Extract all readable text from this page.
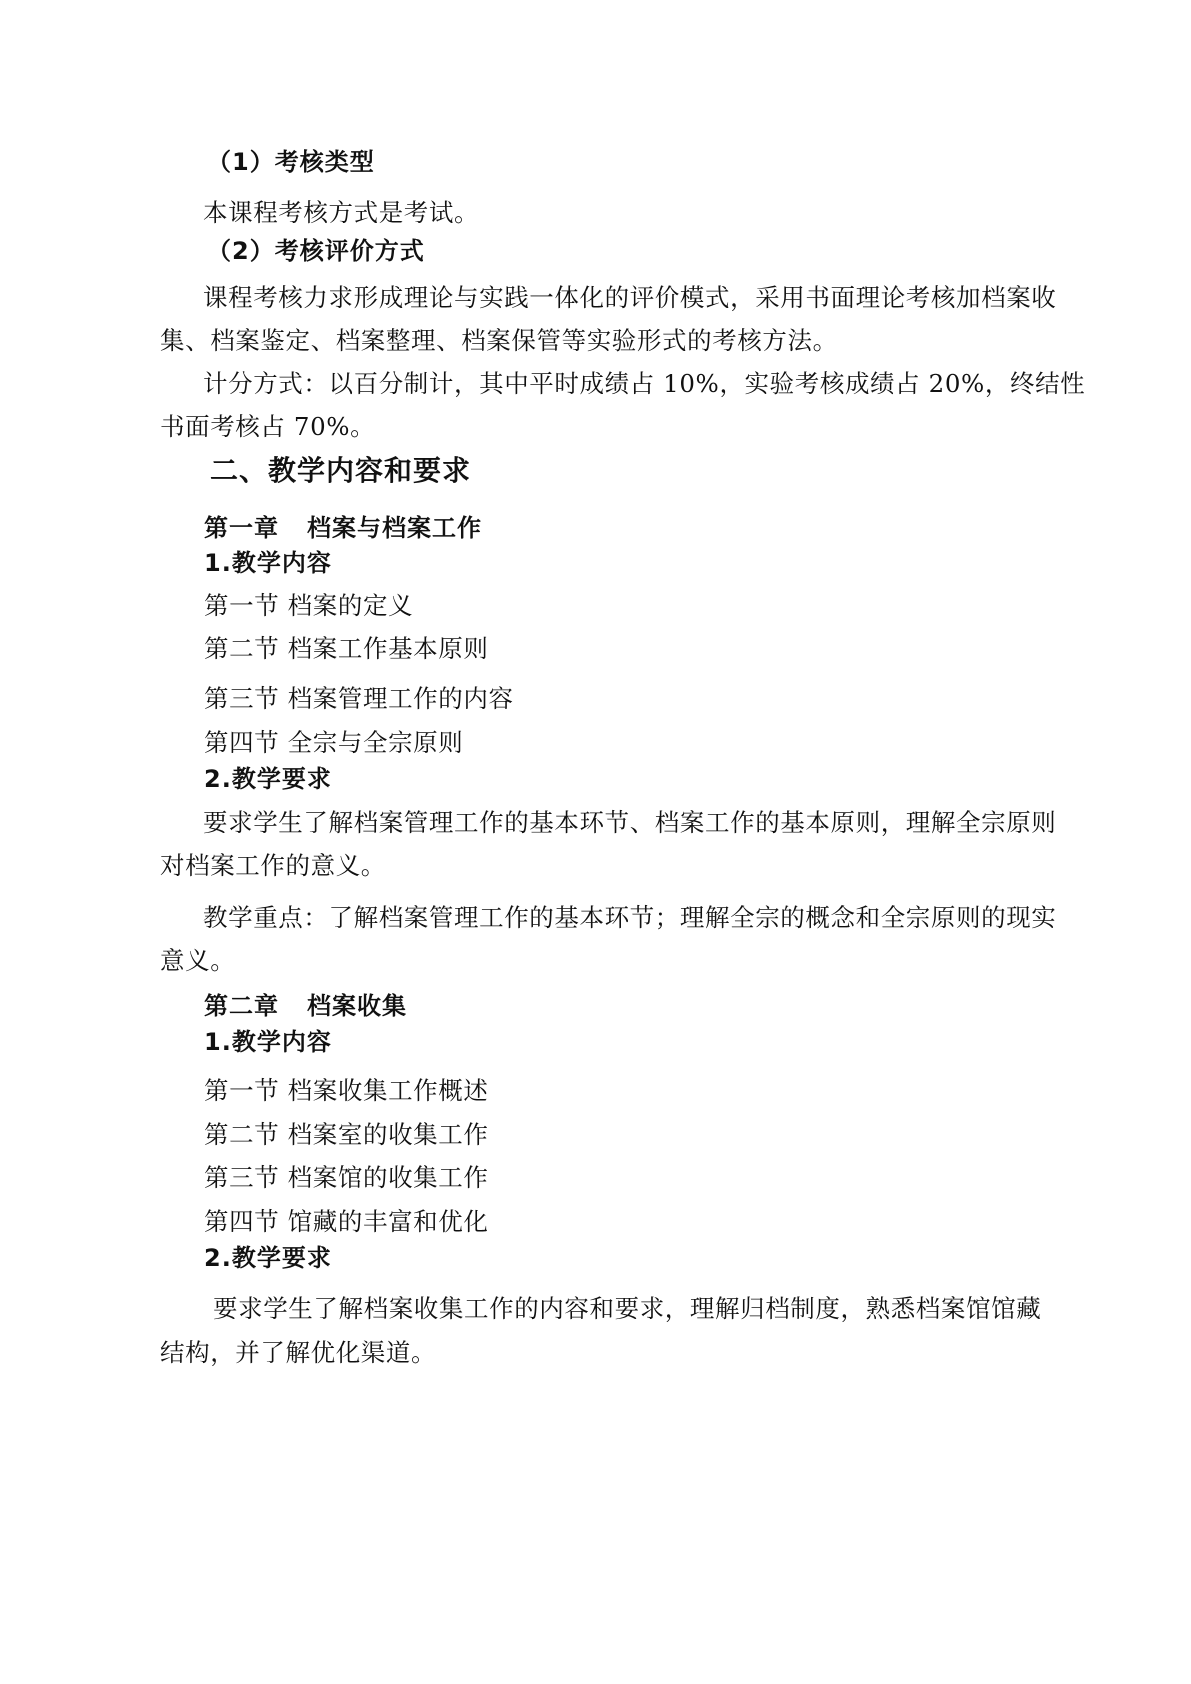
（1）考核类型
本课程考核方式是考试。
（2）考核评价方式
课程考核力求形成理论与实践一体化的评价模式，采用书面理论考核加档案收
集、档案鉴定、档案整理、档案保管等实验形式的考核方法。
计分方式：以百分制计，其中平时成绩占 10%，实验考核成绩占 20%，终结性
书面考核占 70%。
二、教学内容和要求
第一章 档案与档案工作
1.教学内容
第一节 档案的定义
第二节 档案工作基本原则
第三节 档案管理工作的内容
第四节 全宗与全宗原则
2.教学要求
要求学生了解档案管理工作的基本环节、档案工作的基本原则，理解全宗原则
对档案工作的意义。
教学重点：了解档案管理工作的基本环节；理解全宗的概念和全宗原则的现实
意义。
第二章 档案收集
1.教学内容
第一节 档案收集工作概述
第二节 档案室的收集工作
第三节 档案馆的收集工作
第四节 馆藏的丰富和优化
2.教学要求
要求学生了解档案收集工作的内容和要求，理解归档制度，熟悉档案馆馆藏
结构，并了解优化渠道。
